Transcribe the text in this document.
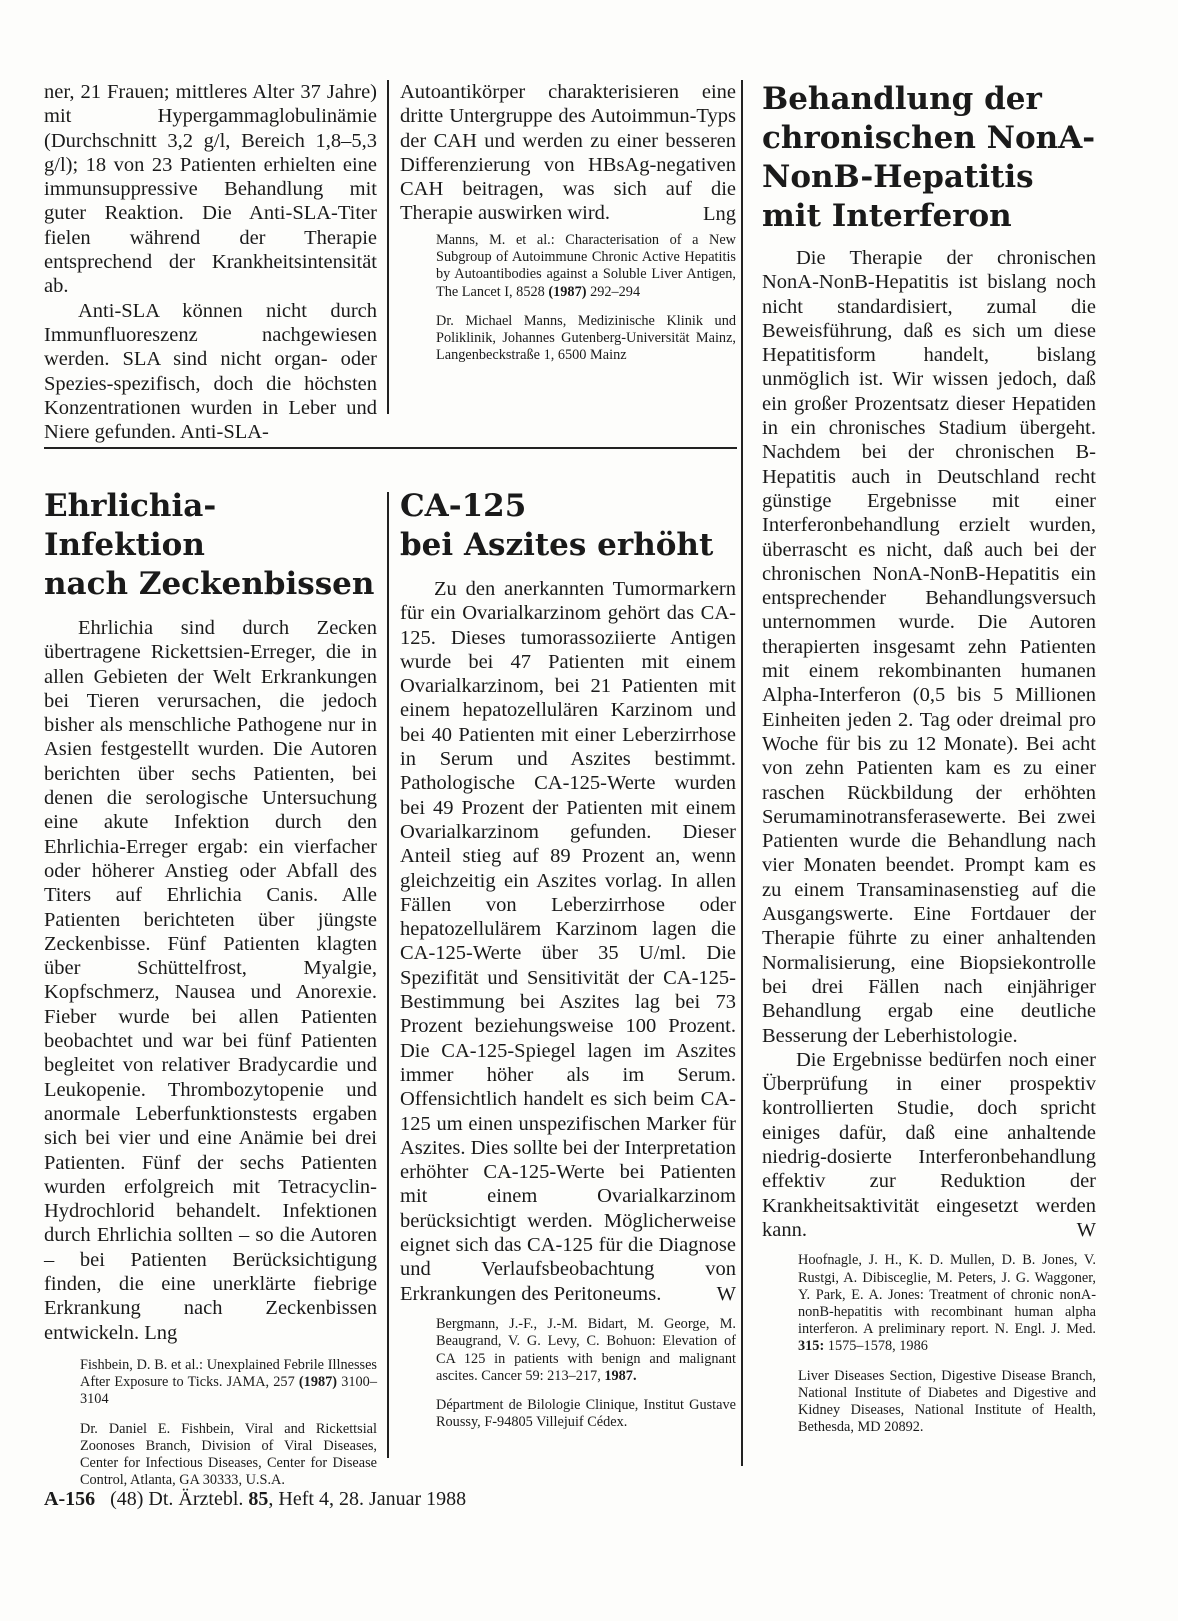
ner, 21 Frauen; mittleres Alter 37 Jahre) mit Hypergammaglobulinämie (Durchschnitt 3,2 g/l, Bereich 1,8–5,3 g/l); 18 von 23 Patienten erhielten eine immunsuppressive Behandlung mit guter Reaktion. Die Anti-SLA-Titer fielen während der Therapie entsprechend der Krankheitsintensität ab.

Anti-SLA können nicht durch Immunfluoreszenz nachgewiesen werden. SLA sind nicht organ- oder Spezies-spezifisch, doch die höchsten Konzentrationen wurden in Leber und Niere gefunden. Anti-SLA-

Autoantikörper charakterisieren eine dritte Untergruppe des Autoimmun-Typs der CAH und werden zu einer besseren Differenzierung von HBsAg-negativen CAH beitragen, was sich auf die Therapie auswirken wird.	Lng

Manns, M. et al.: Characterisation of a New Subgroup of Autoimmune Chronic Active Hepatitis by Autoantibodies against a Soluble Liver Antigen, The Lancet I, 8528 (1987) 292–294

Dr. Michael Manns, Medizinische Klinik und Poliklinik, Johannes Gutenberg-Universität Mainz, Langenbeckstraße 1, 6500 Mainz

Ehrlichia-Infektion
nach Zeckenbissen

Ehrlichia sind durch Zecken übertragene Rickettsien-Erreger, die in allen Gebieten der Welt Erkrankungen bei Tieren verursachen, die jedoch bisher als menschliche Pathogene nur in Asien festgestellt wurden. Die Autoren berichten über sechs Patienten, bei denen die serologische Untersuchung eine akute Infektion durch den Ehrlichia-Erreger ergab: ein vierfacher oder höherer Anstieg oder Abfall des Titers auf Ehrlichia Canis. Alle Patienten berichteten über jüngste Zeckenbisse. Fünf Patienten klagten über Schüttelfrost, Myalgie, Kopfschmerz, Nausea und Anorexie. Fieber wurde bei allen Patienten beobachtet und war bei fünf Patienten begleitet von relativer Bradycardie und Leukopenie. Thrombozytopenie und anormale Leberfunktionstests ergaben sich bei vier und eine Anämie bei drei Patienten. Fünf der sechs Patienten wurden erfolgreich mit Tetracyclin-Hydrochlorid behandelt. Infektionen durch Ehrlichia sollten – so die Autoren – bei Patienten Berücksichtigung finden, die eine unerklärte fiebrige Erkrankung nach Zeckenbissen entwickeln. Lng

Fishbein, D. B. et al.: Unexplained Febrile Illnesses After Exposure to Ticks. JAMA, 257 (1987) 3100–3104

Dr. Daniel E. Fishbein, Viral and Rickettsial Zoonoses Branch, Division of Viral Diseases, Center for Infectious Diseases, Center for Disease Control, Atlanta, GA 30333, U.S.A.

CA-125
bei Aszites erhöht

Zu den anerkannten Tumormarkern für ein Ovarialkarzinom gehört das CA-125. Dieses tumorassoziierte Antigen wurde bei 47 Patienten mit einem Ovarialkarzinom, bei 21 Patienten mit einem hepatozellulären Karzinom und bei 40 Patienten mit einer Leberzirrhose in Serum und Aszites bestimmt. Pathologische CA-125-Werte wurden bei 49 Prozent der Patienten mit einem Ovarialkarzinom gefunden. Dieser Anteil stieg auf 89 Prozent an, wenn gleichzeitig ein Aszites vorlag. In allen Fällen von Leberzirrhose oder hepatozellulärem Karzinom lagen die CA-125-Werte über 35 U/ml. Die Spezifität und Sensitivität der CA-125-Bestimmung bei Aszites lag bei 73 Prozent beziehungsweise 100 Prozent. Die CA-125-Spiegel lagen im Aszites immer höher als im Serum. Offensichtlich handelt es sich beim CA-125 um einen unspezifischen Marker für Aszites. Dies sollte bei der Interpretation erhöhter CA-125-Werte bei Patienten mit einem Ovarialkarzinom berücksichtigt werden. Möglicherweise eignet sich das CA-125 für die Diagnose und Verlaufsbeobachtung von Erkrankungen des Peritoneums.	W

Bergmann, J.-F., J.-M. Bidart, M. George, M. Beaugrand, V. G. Levy, C. Bohuon: Elevation of CA 125 in patients with benign and malignant ascites. Cancer 59: 213–217, 1987.

Départment de Bilologie Clinique, Institut Gustave Roussy, F-94805 Villejuif Cédex.

Behandlung der
chronischen NonA-
NonB-Hepatitis
mit Interferon

Die Therapie der chronischen NonA-NonB-Hepatitis ist bislang noch nicht standardisiert, zumal die Beweisführung, daß es sich um diese Hepatitisform handelt, bislang unmöglich ist. Wir wissen jedoch, daß ein großer Prozentsatz dieser Hepatiden in ein chronisches Stadium übergeht. Nachdem bei der chronischen B-Hepatitis auch in Deutschland recht günstige Ergebnisse mit einer Interferonbehandlung erzielt wurden, überrascht es nicht, daß auch bei der chronischen NonA-NonB-Hepatitis ein entsprechender Behandlungsversuch unternommen wurde. Die Autoren therapierten insgesamt zehn Patienten mit einem rekombinanten humanen Alpha-Interferon (0,5 bis 5 Millionen Einheiten jeden 2. Tag oder dreimal pro Woche für bis zu 12 Monate). Bei acht von zehn Patienten kam es zu einer raschen Rückbildung der erhöhten Serumaminotransferasewerte. Bei zwei Patienten wurde die Behandlung nach vier Monaten beendet. Prompt kam es zu einem Transaminasenstieg auf die Ausgangswerte. Eine Fortdauer der Therapie führte zu einer anhaltenden Normalisierung, eine Biopsiekontrolle bei drei Fällen nach einjähriger Behandlung ergab eine deutliche Besserung der Leberhistologie.

Die Ergebnisse bedürfen noch einer Überprüfung in einer prospektiv kontrollierten Studie, doch spricht einiges dafür, daß eine anhaltende niedrig-dosierte Interferonbehandlung effektiv zur Reduktion der Krankheitsaktivität eingesetzt werden kann.	W

Hoofnagle, J. H., K. D. Mullen, D. B. Jones, V. Rustgi, A. Dibisceglie, M. Peters, J. G. Waggoner, Y. Park, E. A. Jones: Treatment of chronic nonA-nonB-hepatitis with recombinant human alpha interferon. A preliminary report. N. Engl. J. Med. 315: 1575–1578, 1986

Liver Diseases Section, Digestive Disease Branch, National Institute of Diabetes and Digestive and Kidney Diseases, National Institute of Health, Bethesda, MD 20892.

A-156 (48) Dt. Ärztebl. 85, Heft 4, 28. Januar 1988
